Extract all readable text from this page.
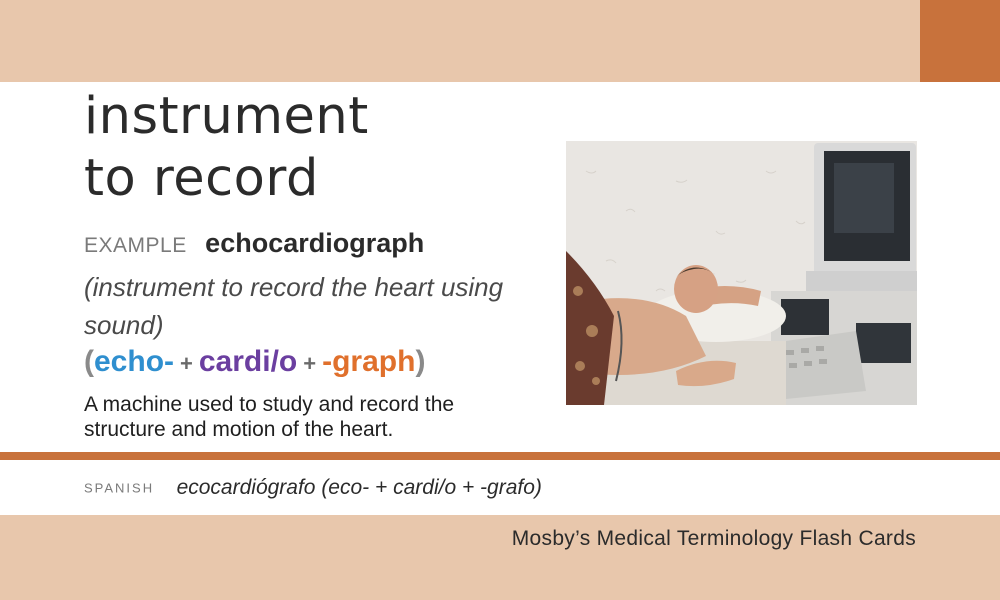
instrument
to record
EXAMPLE echocardiograph
(instrument to record the heart using sound)
(echo- + cardi/o + -graph)
A machine used to study and record the structure and motion of the heart.
SPANISH ecocardiógrafo (eco- + cardi/o + -grafo)
Mosby’s Medical Terminology Flash Cards
